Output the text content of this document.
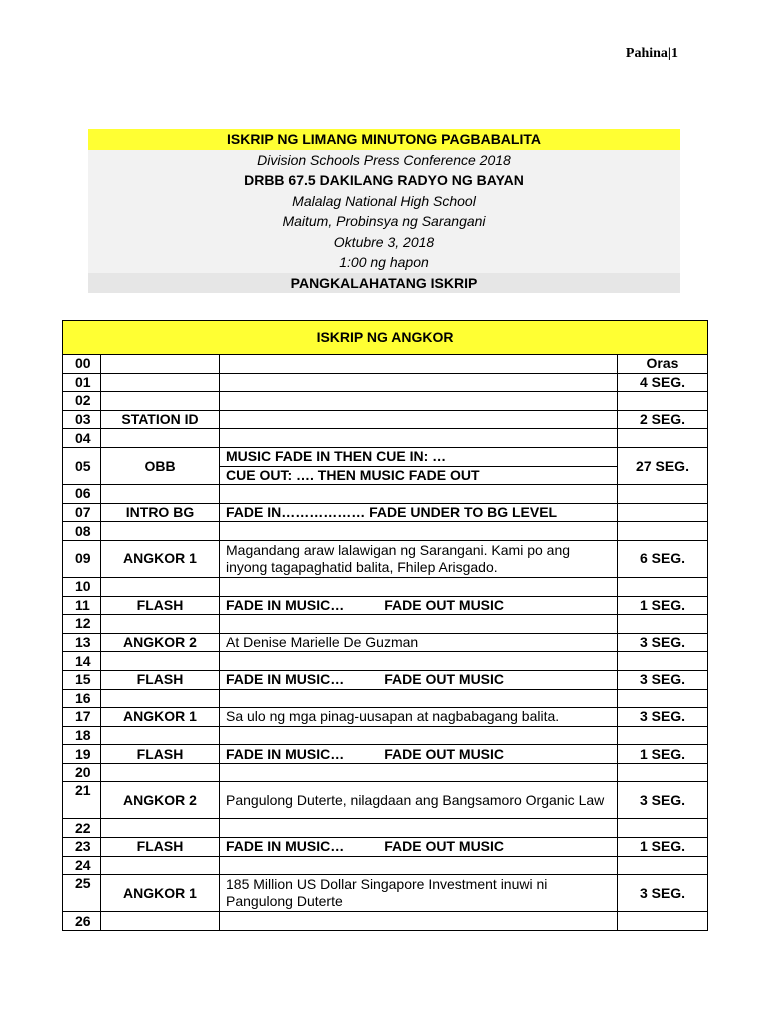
Pahina|1
ISKRIP NG LIMANG MINUTONG PAGBABALITA
Division Schools Press Conference 2018
DRBB 67.5 DAKILANG RADYO NG BAYAN
Malalag National High School
Maitum, Probinsya ng Sarangani
Oktubre 3, 2018
1:00 ng hapon
PANGKALAHATANG ISKRIP
ISKRIP NG ANGKOR			
00			Oras
01			4 SEG.
02			
03	STATION ID		2 SEG.
04			
05	OBB	MUSIC FADE IN THEN CUE IN: …	27 SEG.
		CUE OUT: …. THEN MUSIC FADE OUT	
06			
07	INTRO BG	FADE IN……………… FADE UNDER TO BG LEVEL	
08			
09	ANGKOR 1	Magandang araw lalawigan ng Sarangani. Kami po ang inyong tagapaghatid balita, Fhilep Arisgado.	6 SEG.
10			
11	FLASH	FADE IN MUSIC… FADE OUT MUSIC	1 SEG.
12			
13	ANGKOR 2	At Denise Marielle De Guzman	3 SEG.
14			
15	FLASH	FADE IN MUSIC… FADE OUT MUSIC	3 SEG.
16			
17	ANGKOR 1	Sa ulo ng mga pinag-uusapan at nagbabagang balita.	3 SEG.
18			
19	FLASH	FADE IN MUSIC… FADE OUT MUSIC	1 SEG.
20			
21	ANGKOR 2	Pangulong Duterte, nilagdaan ang Bangsamoro Organic Law	3 SEG.
22			
23	FLASH	FADE IN MUSIC… FADE OUT MUSIC	1 SEG.
24			
25	ANGKOR 1	185 Million US Dollar Singapore Investment inuwi ni Pangulong Duterte	3 SEG.
26			
